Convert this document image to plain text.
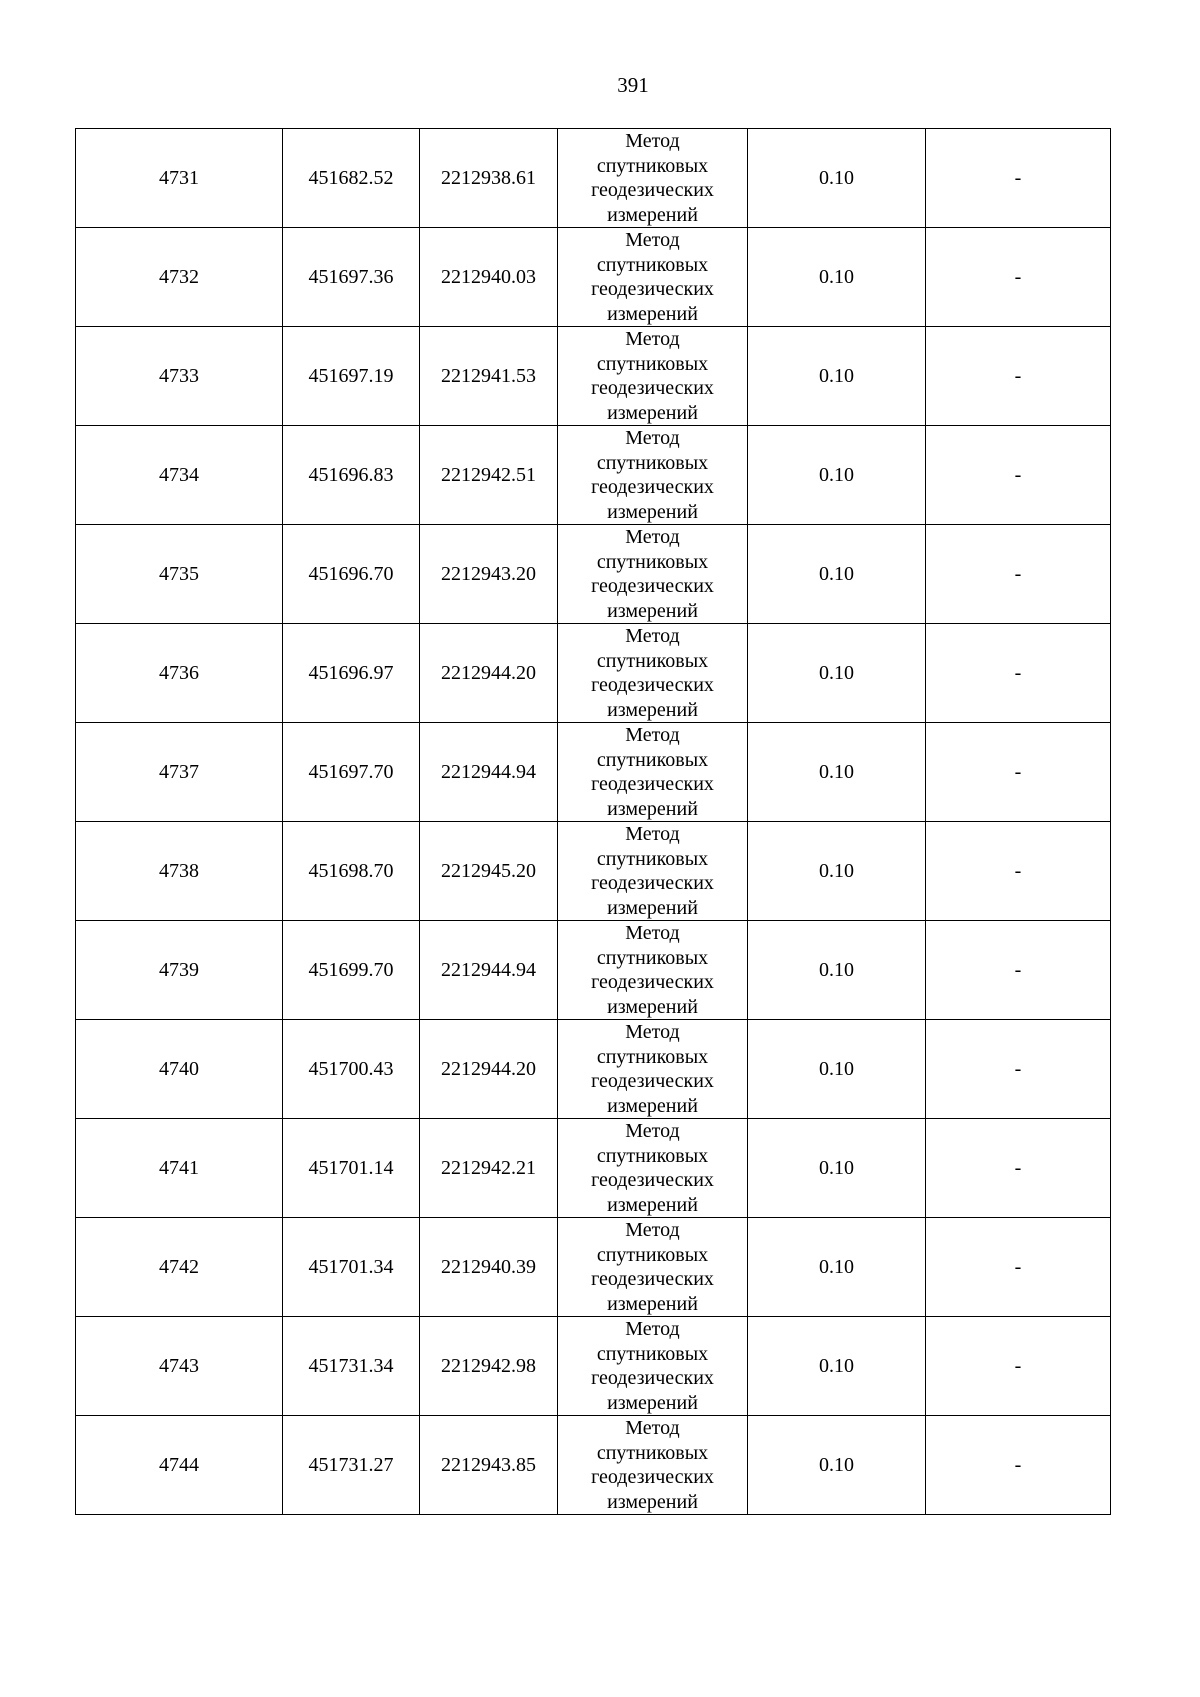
391
4731	451682.52	2212938.61	Метод
спутниковых
геодезических
измерений	0.10	-
4732	451697.36	2212940.03	Метод
спутниковых
геодезических
измерений	0.10	-
4733	451697.19	2212941.53	Метод
спутниковых
геодезических
измерений	0.10	-
4734	451696.83	2212942.51	Метод
спутниковых
геодезических
измерений	0.10	-
4735	451696.70	2212943.20	Метод
спутниковых
геодезических
измерений	0.10	-
4736	451696.97	2212944.20	Метод
спутниковых
геодезических
измерений	0.10	-
4737	451697.70	2212944.94	Метод
спутниковых
геодезических
измерений	0.10	-
4738	451698.70	2212945.20	Метод
спутниковых
геодезических
измерений	0.10	-
4739	451699.70	2212944.94	Метод
спутниковых
геодезических
измерений	0.10	-
4740	451700.43	2212944.20	Метод
спутниковых
геодезических
измерений	0.10	-
4741	451701.14	2212942.21	Метод
спутниковых
геодезических
измерений	0.10	-
4742	451701.34	2212940.39	Метод
спутниковых
геодезических
измерений	0.10	-
4743	451731.34	2212942.98	Метод
спутниковых
геодезических
измерений	0.10	-
4744	451731.27	2212943.85	Метод
спутниковых
геодезических
измерений	0.10	-
